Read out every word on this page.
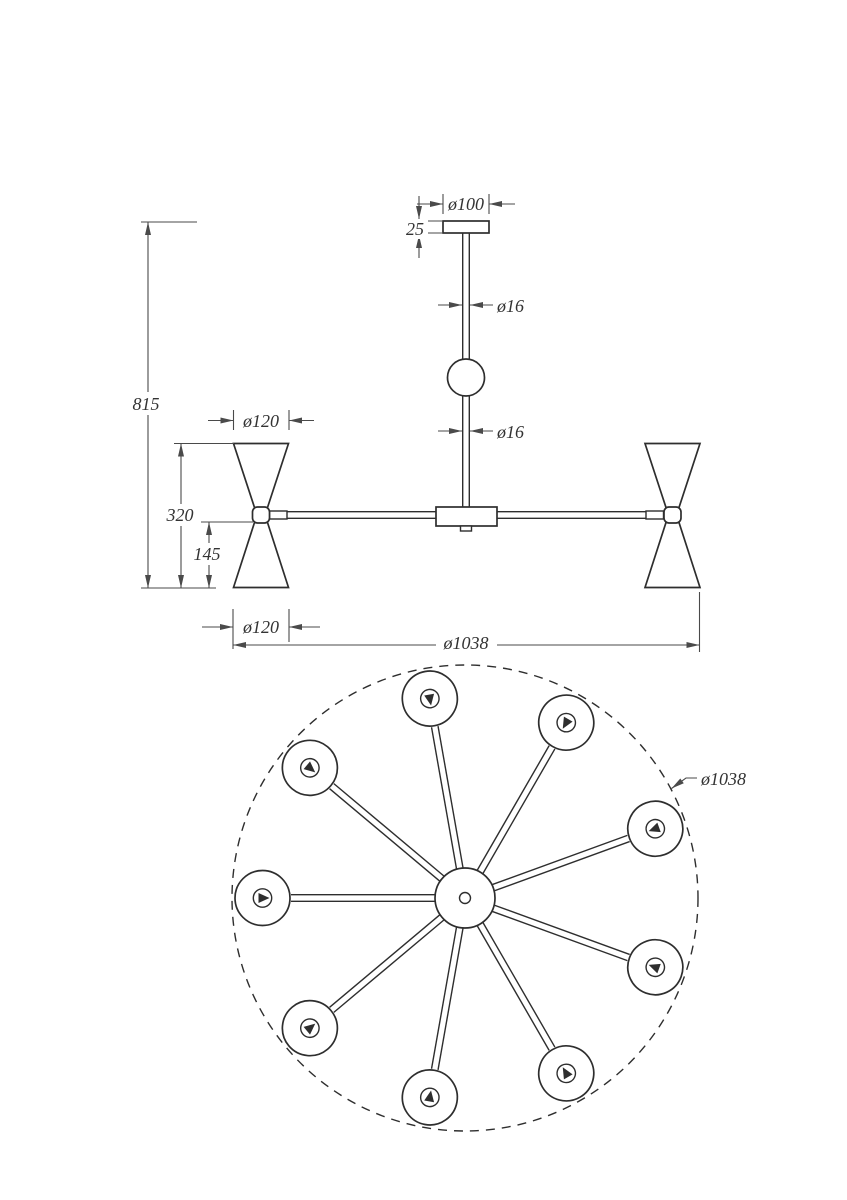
ø100
25
ø16
ø16
815
320
145
ø120
ø120
ø1038
ø1038
